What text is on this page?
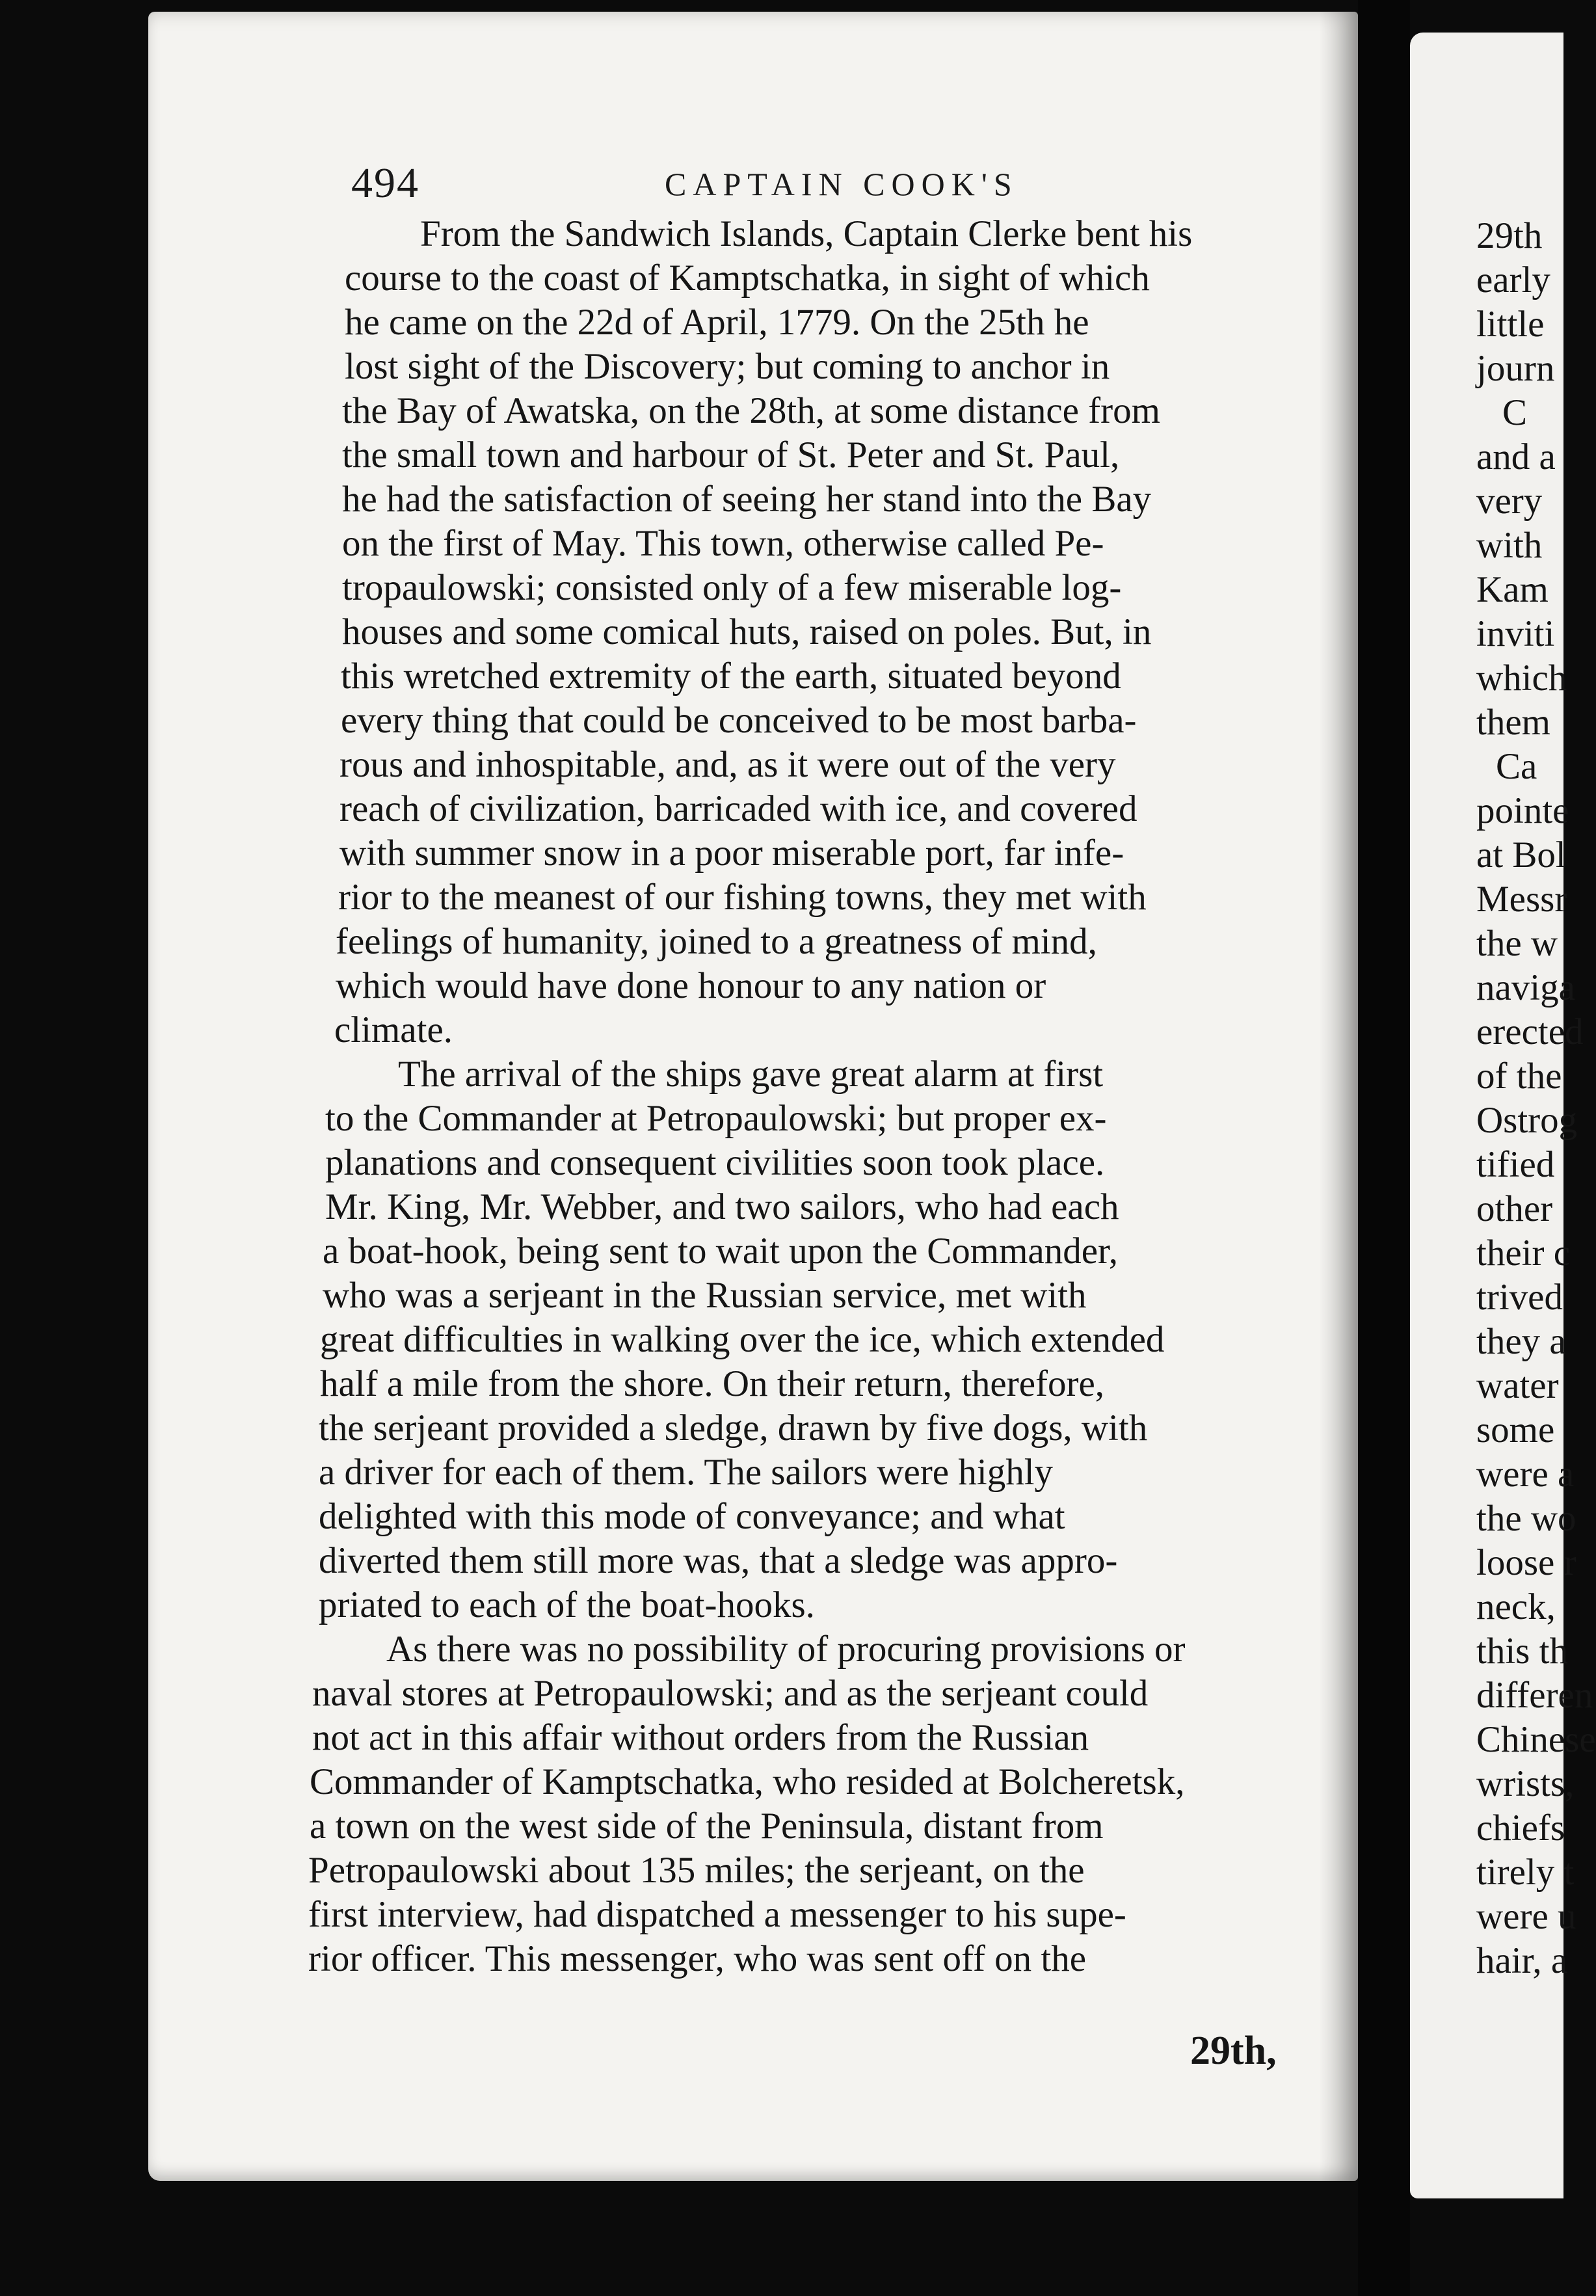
494	CAPTAIN COOK'S
From the Sandwich Islands, Captain Clerke bent his
course to the coast of Kamptschatka, in sight of which
he came on the 22d of April, 1779. On the 25th he
lost sight of the Discovery; but coming to anchor in
the Bay of Awatska, on the 28th, at some distance from
the small town and harbour of St. Peter and St. Paul,
he had the satisfaction of seeing her stand into the Bay
on the first of May. This town, otherwise called Pe-
tropaulowski; consisted only of a few miserable log-
houses and some comical huts, raised on poles. But, in
this wretched extremity of the earth, situated beyond
every thing that could be conceived to be most barba-
rous and inhospitable, and, as it were out of the very
reach of civilization, barricaded with ice, and covered
with summer snow in a poor miserable port, far infe-
rior to the meanest of our fishing towns, they met with
feelings of humanity, joined to a greatness of mind,
which would have done honour to any nation or
climate.
The arrival of the ships gave great alarm at first
to the Commander at Petropaulowski; but proper ex-
planations and consequent civilities soon took place.
Mr. King, Mr. Webber, and two sailors, who had each
a boat-hook, being sent to wait upon the Commander,
who was a serjeant in the Russian service, met with
great difficulties in walking over the ice, which extended
half a mile from the shore. On their return, therefore,
the serjeant provided a sledge, drawn by five dogs, with
a driver for each of them. The sailors were highly
delighted with this mode of conveyance; and what
diverted them still more was, that a sledge was appro-
priated to each of the boat-hooks.
As there was no possibility of procuring provisions or
naval stores at Petropaulowski; and as the serjeant could
not act in this affair without orders from the Russian
Commander of Kamptschatka, who resided at Bolcheretsk,
a town on the west side of the Peninsula, distant from
Petropaulowski about 135 miles; the serjeant, on the
first interview, had dispatched a messenger to his supe-
rior officer. This messenger, who was sent off on the
29th,
29th
early
little
journ
C
and a
very
with
Kam
inviti
which
them
Ca
pointe
at Bol
Messr
the w
naviga
erected
of the
Ostrog
tified
other
their c
trived
they a
water
some
were a
the wo
loose r
neck,
this th
differen
Chinese
wrists,
chiefs
tirely t
were u
hair, a
